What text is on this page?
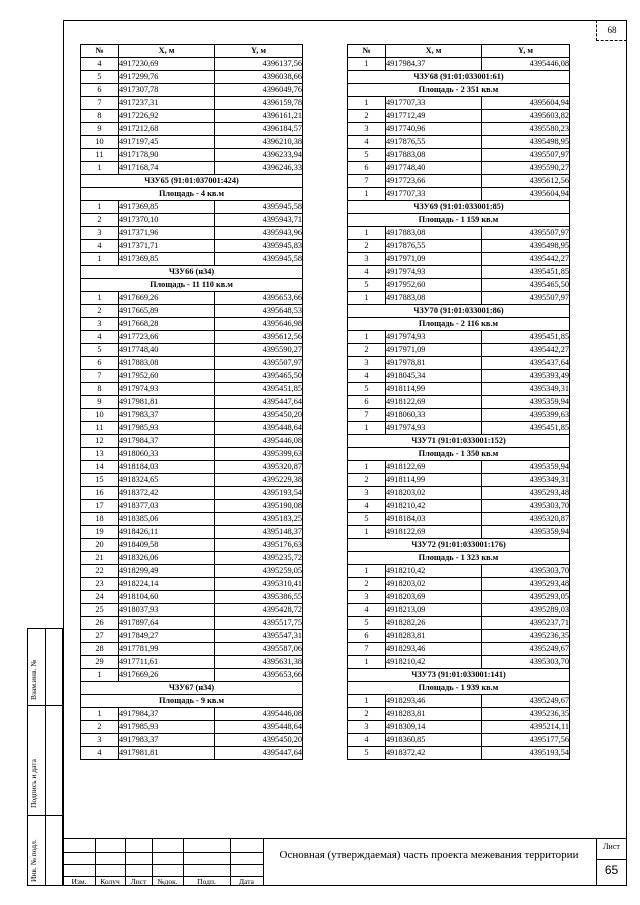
68
№	X, м	Y, м
4	4917230,69	4396137,56
5	4917299,76	4396038,66
6	4917307,78	4396049,76
7	4917237,31	4396159,78
8	4917226,92	4396161,21
9	4917212,68	4396184,57
10	4917197,45	4396210,38
11	4917178,90	4396233,94
1	4917168,74	4396246,33
ЧЗУ65 (91:01:037001:424)		
Площадь - 4 кв.м		
1	4917369,85	4395945,58
2	4917370,10	4395943,71
3	4917371,96	4395943,96
4	4917371,71	4395945,83
1	4917369,85	4395945,58
ЧЗУ66 (н34)		
Площадь - 11 110 кв.м		
1	4917669,26	4395653,66
2	4917665,89	4395648,53
3	4917668,28	4395646,98
4	4917723,66	4395612,56
5	4917748,40	4395590,27
6	4917883,08	4395507,97
7	4917952,60	4395465,50
8	4917974,93	4395451,85
9	4917981,81	4395447,64
10	4917983,37	4395450,20
11	4917985,93	4395448,64
12	4917984,37	4395446,08
13	4918060,33	4395399,63
14	4918184,03	4395320,87
15	4918324,65	4395229,38
16	4918372,42	4395193,54
17	4918377,03	4395190,08
18	4918385,06	4395183,25
19	4918426,11	4395148,37
20	4918409,58	4395176,63
21	4918326,06	4395235,72
22	4918299,49	4395259,05
23	4918224,14	4395310,41
24	4918104,60	4395386,55
25	4918037,93	4395428,72
26	4917897,64	4395517,75
27	4917849,27	4395547,31
28	4917781,99	4395587,06
29	4917711,61	4395631,38
1	4917669,26	4395653,66
ЧЗУ67 (н34)		
Площадь - 9 кв.м		
1	4917984,37	4395446,08
2	4917985,93	4395448,64
3	4917983,37	4395450,20
4	4917981,81	4395447,64
№	X, м	Y, м
1	4917984,37	4395446,08
ЧЗУ68 (91:01:033001:61)		
Площадь - 2 351 кв.м		
1	4917707,33	4395604,94
2	4917712,49	4395603,82
3	4917740,96	4395580,23
4	4917876,55	4395498,95
5	4917883,08	4395507,97
6	4917748,40	4395590,27
7	4917723,66	4395612,56
1	4917707,33	4395604,94
ЧЗУ69 (91:01:033001:85)		
Площадь - 1 159 кв.м		
1	4917883,08	4395507,97
2	4917876,55	4395498,95
3	4917971,09	4395442,27
4	4917974,93	4395451,85
5	4917952,60	4395465,50
1	4917883,08	4395507,97
ЧЗУ70 (91:01:033001:86)		
Площадь - 2 116 кв.м		
1	4917974,93	4395451,85
2	4917971,09	4395442,27
3	4917978,81	4395437,64
4	4918045,34	4395393,49
5	4918114,99	4395349,31
6	4918122,69	4395359,94
7	4918060,33	4395399,63
1	4917974,93	4395451,85
ЧЗУ71 (91:01:033001:152)		
Площадь - 1 350 кв.м		
1	4918122,69	4395359,94
2	4918114,99	4395349,31
3	4918203,02	4395293,48
4	4918210,42	4395303,70
5	4918184,03	4395320,87
1	4918122,69	4395359,94
ЧЗУ72 (91:01:033001:176)		
Площадь - 1 323 кв.м		
1	4918210,42	4395303,70
2	4918203,02	4395293,48
3	4918203,69	4395293,05
4	4918213,09	4395289,03
5	4918282,26	4395237,71
6	4918283,81	4395236,35
7	4918293,46	4395249,67
1	4918210,42	4395303,70
ЧЗУ73 (91:01:033001:141)		
Площадь - 1 939 кв.м		
1	4918293,46	4395249,67
2	4918283,81	4395236,35
3	4918309,14	4395214,11
4	4918360,85	4395177,56
5	4918372,42	4395193,54
Взам.инв. №
Подпись и дата
Инв. № подл.	Изм.	Колуч	Лист	№док.	Подп.	Дата
Основная (утверждаемая) часть проекта межевания территории
Лист
65
